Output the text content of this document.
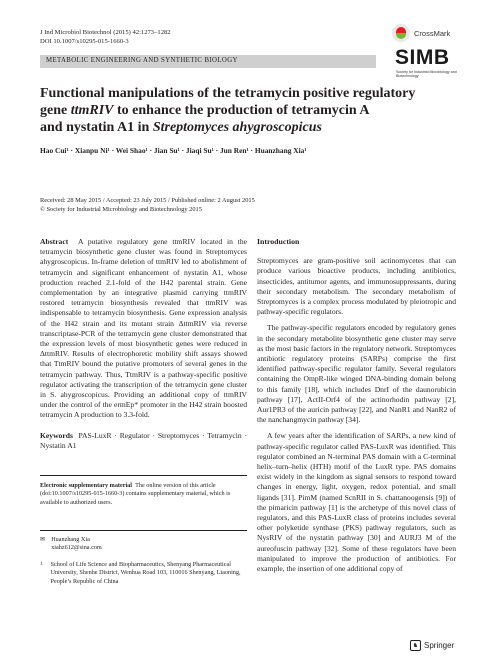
J Ind Microbiol Biotechnol (2015) 42:1273–1282
DOI 10.1007/s10295-015-1660-3
CrossMark
SIMB
Society for Industrial Microbiology and Biotechnology
METABOLIC ENGINEERING AND SYNTHETIC BIOLOGY
Functional manipulations of the tetramycin positive regulatory
gene ttmRIV to enhance the production of tetramycin A
and nystatin A1 in Streptomyces ahygroscopicus
Hao Cui¹ · Xianpu Ni¹ · Wei Shao¹ · Jian Su¹ · Jiaqi Su¹ · Jun Ren¹ · Huanzhang Xia¹
Received: 28 May 2015 / Accepted: 23 July 2015 / Published online: 2 August 2015
© Society for Industrial Microbiology and Biotechnology 2015

Abstract A putative regulatory gene ttmRIV located in the tetramycin biosynthetic gene cluster was found in Streptomyces ahygroscopicus. In-frame deletion of ttmRIV led to abolishment of tetramycin and significant enhancement of nystatin A1, whose production reached 2.1-fold of the H42 parental strain. Gene complementation by an integrative plasmid carrying ttmRIV restored tetramycin biosynthesis revealed that ttmRIV was indispensable to tetramycin biosynthesis. Gene expression analysis of the H42 strain and its mutant strain ΔttmRIV via reverse transcriptase-PCR of the tetramycin gene cluster demonstrated that the expression levels of most biosynthetic genes were reduced in ΔttmRIV. Results of electrophoretic mobility shift assays showed that TtmRIV bound the putative promoters of several genes in the tetramycin pathway. Thus, TtmRIV is a pathway-specific positive regulator activating the transcription of the tetramycin gene cluster in S. ahygroscopicus. Providing an additional copy of ttmRIV under the control of the ermEp* promoter in the H42 strain boosted tetramycin A production to 3.3-fold.

Keywords PAS-LuxR · Regulator · Streptomyces · Tetramycin · Nystatin A1

Electronic supplementary material The online version of this article (doi:10.1007/s10295-015-1660-3) contains supplementary material, which is available to authorized users.
✉ Huanzhang Xia
xiahz612@sina.com
1 School of Life Science and Biopharmaceutics, Shenyang Pharmaceutical University, Shenhe District, Wenhua Road 103, 110016 Shenyang, Liaoning, People’s Republic of China
Introduction

Streptomyces are gram-positive soil actinomycetes that can produce various bioactive products, including antibiotics, insecticides, antitumor agents, and immunosuppressants, during their secondary metabolism. The secondary metabolism of Streptomyces is a complex process modulated by pleiotropic and pathway-specific regulators.

The pathway-specific regulators encoded by regulatory genes in the secondary metabolite biosynthetic gene cluster may serve as the most basic factors in the regulatory network. Streptomyces antibiotic regulatory proteins (SARPs) comprise the first identified pathway-specific regulator family. Several regulators containing the OmpR-like winged DNA-binding domain belong to this family [18], which includes DnrI of the daunorubicin pathway [17], ActII-Orf4 of the actinorhodin pathway [2], Aur1PR3 of the auricin pathway [22], and NanR1 and NanR2 of the nanchangmycin pathway [34].

A few years after the identification of SARPs, a new kind of pathway-specific regulator called PAS-LuxR was identified. This regulator combined an N-terminal PAS domain with a C-terminal helix–turn–helix (HTH) motif of the LuxR type. PAS domains exist widely in the kingdom as signal sensors to respond toward changes in energy, light, oxygen, redox potential, and small ligands [31]. PimM (named ScnRII in S. chattanoogensis [9]) of the pimaricin pathway [1] is the archetype of this novel class of regulators, and this PAS-LuxR class of proteins includes several other polyketide synthase (PKS) pathway regulators, such as NysRIV of the nystatin pathway [30] and AURJ3 M of the aureofuscin pathway [32]. Some of these regulators have been manipulated to improve the production of antibiotics. For example, the insertion of one additional copy of

♞ Springer
